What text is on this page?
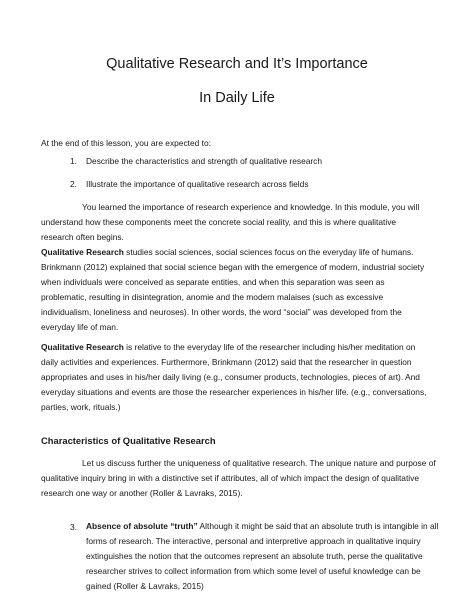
Qualitative Research and It’s Importance
In Daily Life
At the end of this lesson, you are expected to:
1. Describe the characteristics and strength of qualitative research
2. Illustrate the importance of qualitative research across fields
You learned the importance of research experience and knowledge. In this module, you will
understand how these components meet the concrete social reality, and this is where qualitative
research often begins.
Qualitative Research studies social sciences, social sciences focus on the everyday life of humans.
Brinkmann (2012) explained that social science began with the emergence of modern, industrial society
when individuals were conceived as separate entities, and when this separation was seen as
problematic, resulting in disintegration, anomie and the modern malaises (such as excessive
individualism, loneliness and neuroses). In other words, the word “social” was developed from the
everyday life of man.
Qualitative Research is relative to the everyday life of the researcher including his/her meditation on
daily activities and experiences. Furthermore, Brinkmann (2012) said that the researcher in question
appropriates and uses in his/her daily living (e.g., consumer products, technologies, pieces of art). And
everyday situations and events are those the researcher experiences in his/her life. (e.g., conversations,
parties, work, rituals.)
Characteristics of Qualitative Research
Let us discuss further the uniqueness of qualitative research. The unique nature and purpose of
qualitative inquiry bring in with a distinctive set if attributes, all of which impact the design of qualitative
research one way or another (Roller & Lavraks, 2015).
3. Absence of absolute “truth” Although it might be said that an absolute truth is intangible in all
forms of research. The interactive, personal and interpretive approach in qualitative inquiry
extinguishes the notion that the outcomes represent an absolute truth, perse the qualitative
researcher strives to collect information from which some level of useful knowledge can be
gained (Roller & Lavraks, 2015)
